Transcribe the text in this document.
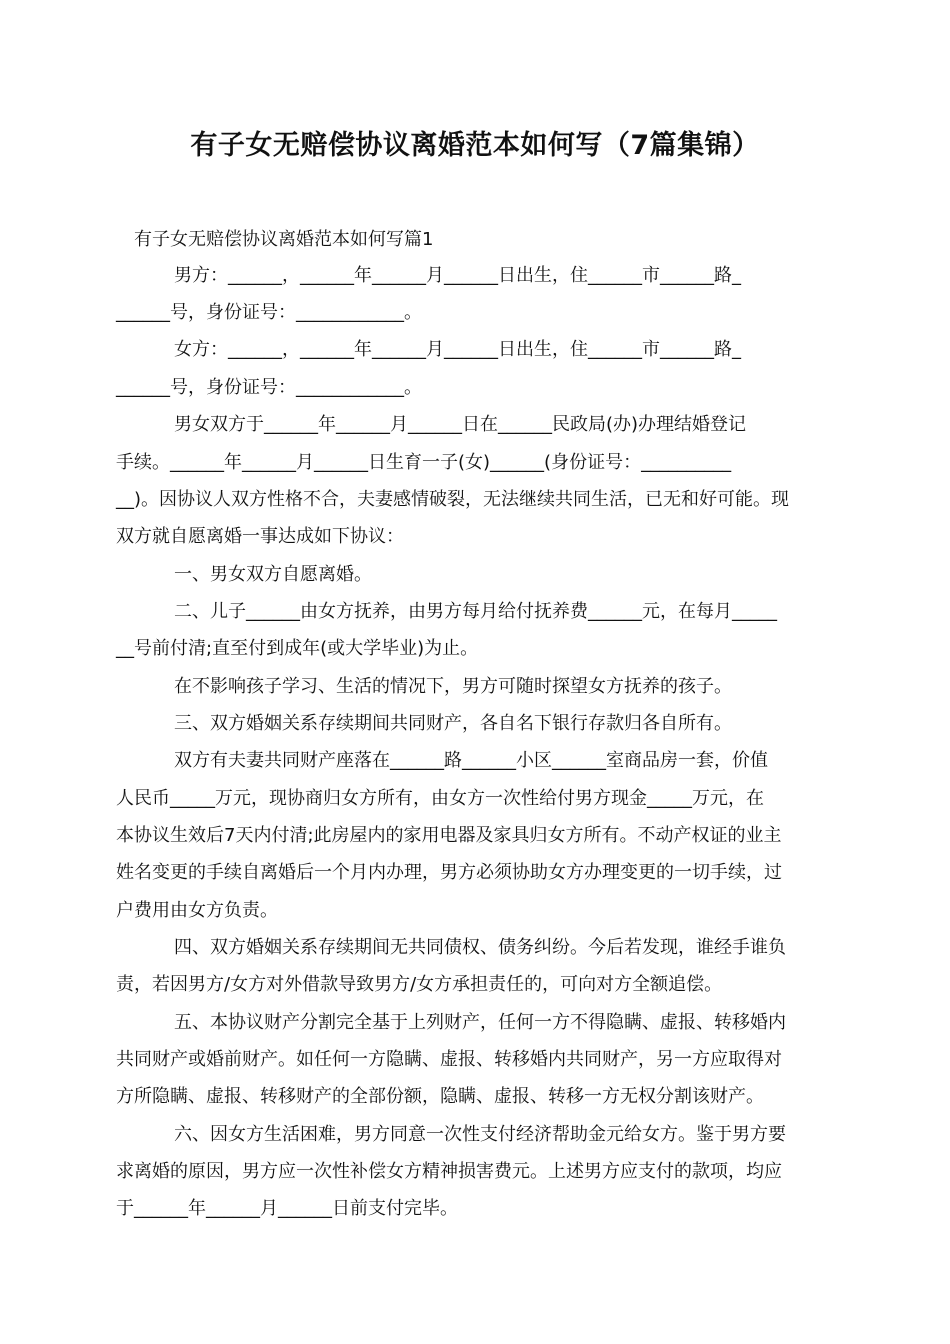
有子女无赔偿协议离婚范本如何写（7篇集锦）
有子女无赔偿协议离婚范本如何写篇1
男方：______，______年______月______日出生，住______市______路_
______号，身份证号：____________。
女方：______，______年______月______日出生，住______市______路_
______号，身份证号：____________。
男女双方于______年______月______日在______民政局(办)办理结婚登记
手续。______年______月______日生育一子(女)______(身份证号：__________
__)。因协议人双方性格不合，夫妻感情破裂，无法继续共同生活，已无和好可能。现
双方就自愿离婚一事达成如下协议：
一、男女双方自愿离婚。
二、儿子______由女方抚养，由男方每月给付抚养费______元，在每月_____
__号前付清;直至付到成年(或大学毕业)为止。
在不影响孩子学习、生活的情况下，男方可随时探望女方抚养的孩子。
三、双方婚姻关系存续期间共同财产，各自名下银行存款归各自所有。
双方有夫妻共同财产座落在______路______小区______室商品房一套，价值
人民币_____万元，现协商归女方所有，由女方一次性给付男方现金_____万元，在
本协议生效后7天内付清;此房屋内的家用电器及家具归女方所有。不动产权证的业主
姓名变更的手续自离婚后一个月内办理，男方必须协助女方办理变更的一切手续，过
户费用由女方负责。
四、双方婚姻关系存续期间无共同债权、债务纠纷。今后若发现，谁经手谁负
责，若因男方/女方对外借款导致男方/女方承担责任的，可向对方全额追偿。
五、本协议财产分割完全基于上列财产，任何一方不得隐瞒、虚报、转移婚内
共同财产或婚前财产。如任何一方隐瞒、虚报、转移婚内共同财产，另一方应取得对
方所隐瞒、虚报、转移财产的全部份额，隐瞒、虚报、转移一方无权分割该财产。
六、因女方生活困难，男方同意一次性支付经济帮助金元给女方。鉴于男方要
求离婚的原因，男方应一次性补偿女方精神损害费元。上述男方应支付的款项，均应
于______年______月______日前支付完毕。
